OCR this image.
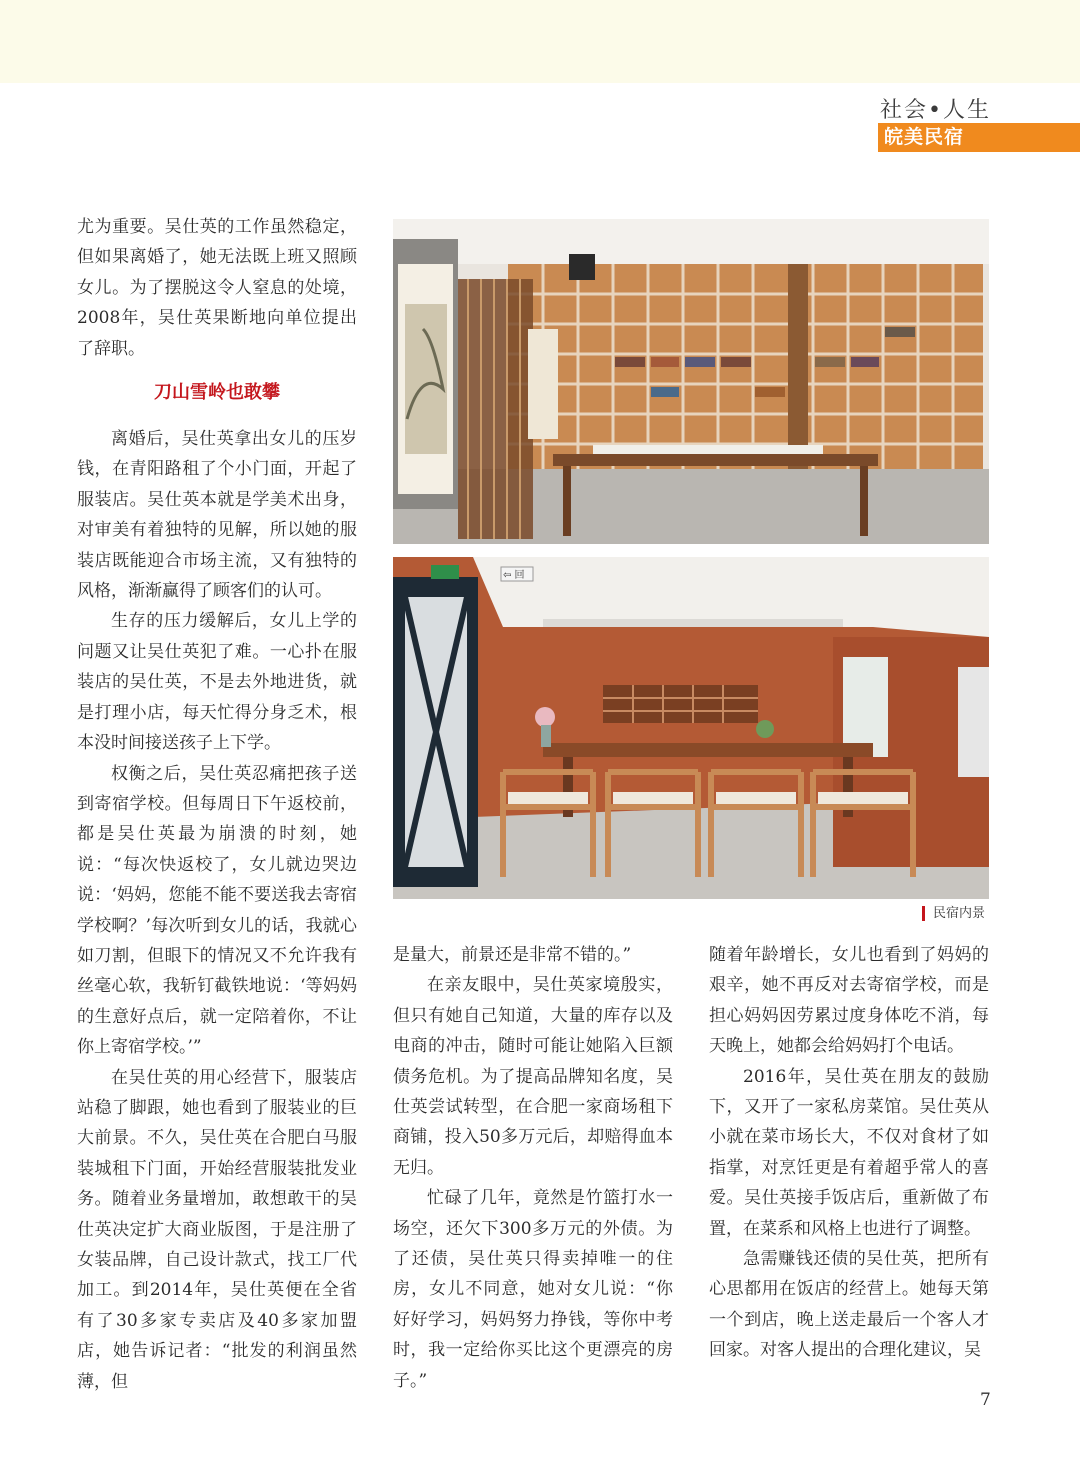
社会•人生
皖美民宿

尤为重要。吴仕英的工作虽然稳定，但如果离婚了，她无法既上班又照顾女儿。为了摆脱这令人窒息的处境，2008年，吴仕英果断地向单位提出了辞职。

刀山雪岭也敢攀

离婚后，吴仕英拿出女儿的压岁钱，在青阳路租了个小门面，开起了服装店。吴仕英本就是学美术出身，对审美有着独特的见解，所以她的服装店既能迎合市场主流，又有独特的风格，渐渐赢得了顾客们的认可。

生存的压力缓解后，女儿上学的问题又让吴仕英犯了难。一心扑在服装店的吴仕英，不是去外地进货，就是打理小店，每天忙得分身乏术，根本没时间接送孩子上下学。

权衡之后，吴仕英忍痛把孩子送到寄宿学校。但每周日下午返校前，都是吴仕英最为崩溃的时刻，她说：“每次快返校了，女儿就边哭边说：‘妈妈，您能不能不要送我去寄宿学校啊？’每次听到女儿的话，我就心如刀割，但眼下的情况又不允许我有丝毫心软，我斩钉截铁地说：‘等妈妈的生意好点后，就一定陪着你，不让你上寄宿学校。’”

在吴仕英的用心经营下，服装店站稳了脚跟，她也看到了服装业的巨大前景。不久，吴仕英在合肥白马服装城租下门面，开始经营服装批发业务。随着业务量增加，敢想敢干的吴仕英决定扩大商业版图，于是注册了女装品牌，自己设计款式，找工厂代加工。到2014年，吴仕英便在全省有了30多家专卖店及40多家加盟店，她告诉记者：“批发的利润虽然薄，但

⇦ 回
民宿内景

是量大，前景还是非常不错的。”

在亲友眼中，吴仕英家境殷实，但只有她自己知道，大量的库存以及电商的冲击，随时可能让她陷入巨额债务危机。为了提高品牌知名度，吴仕英尝试转型，在合肥一家商场租下商铺，投入50多万元后，却赔得血本无归。

忙碌了几年，竟然是竹篮打水一场空，还欠下300多万元的外债。为了还债，吴仕英只得卖掉唯一的住房，女儿不同意，她对女儿说：“你好好学习，妈妈努力挣钱，等你中考时，我一定给你买比这个更漂亮的房子。”

随着年龄增长，女儿也看到了妈妈的艰辛，她不再反对去寄宿学校，而是担心妈妈因劳累过度身体吃不消，每天晚上，她都会给妈妈打个电话。

2016年，吴仕英在朋友的鼓励下，又开了一家私房菜馆。吴仕英从小就在菜市场长大，不仅对食材了如指掌，对烹饪更是有着超乎常人的喜爱。吴仕英接手饭店后，重新做了布置，在菜系和风格上也进行了调整。

急需赚钱还债的吴仕英，把所有心思都用在饭店的经营上。她每天第一个到店，晚上送走最后一个客人才回家。对客人提出的合理化建议，吴

7
